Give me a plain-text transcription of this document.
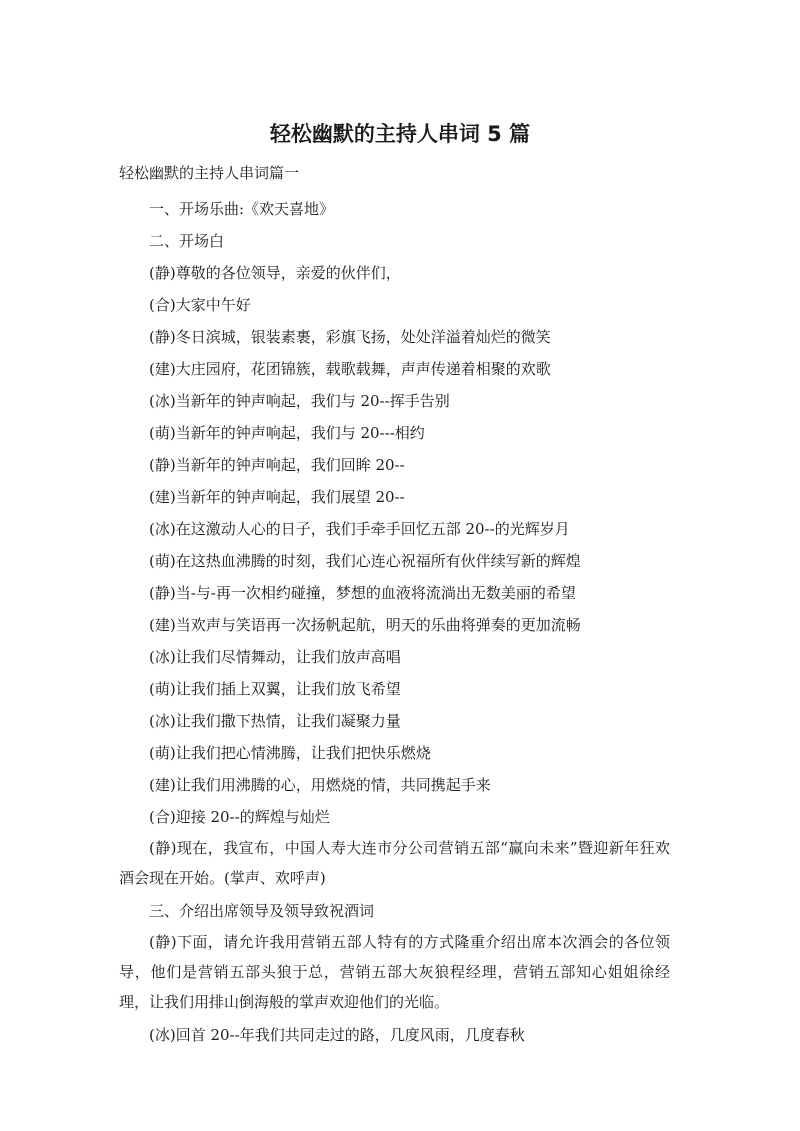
轻松幽默的主持人串词 5 篇

轻松幽默的主持人串词篇一

一、开场乐曲:《欢天喜地》

二、开场白

(静)尊敬的各位领导，亲爱的伙伴们，

(合)大家中午好

(静)冬日滨城，银装素裹，彩旗飞扬，处处洋溢着灿烂的微笑

(建)大庄园府，花团锦簇，载歌载舞，声声传递着相聚的欢歌

(冰)当新年的钟声响起，我们与 20--挥手告别

(萌)当新年的钟声响起，我们与 20---相约

(静)当新年的钟声响起，我们回眸 20--

(建)当新年的钟声响起，我们展望 20--

(冰)在这激动人心的日子，我们手牵手回忆五部 20--的光辉岁月

(萌)在这热血沸腾的时刻，我们心连心祝福所有伙伴续写新的辉煌

(静)当-与-再一次相约碰撞，梦想的血液将流淌出无数美丽的希望

(建)当欢声与笑语再一次扬帆起航，明天的乐曲将弹奏的更加流畅

(冰)让我们尽情舞动，让我们放声高唱

(萌)让我们插上双翼，让我们放飞希望

(冰)让我们撒下热情，让我们凝聚力量

(萌)让我们把心情沸腾，让我们把快乐燃烧

(建)让我们用沸腾的心，用燃烧的情，共同携起手来

(合)迎接 20--的辉煌与灿烂

(静)现在，我宣布，中国人寿大连市分公司营销五部“赢向未来”暨迎新年狂欢酒会现在开始。(掌声、欢呼声)

三、介绍出席领导及领导致祝酒词

(静)下面，请允许我用营销五部人特有的方式隆重介绍出席本次酒会的各位领导，他们是营销五部头狼于总，营销五部大灰狼程经理，营销五部知心姐姐徐经理，让我们用排山倒海般的掌声欢迎他们的光临。

(冰)回首 20--年我们共同走过的路，几度风雨，几度春秋
